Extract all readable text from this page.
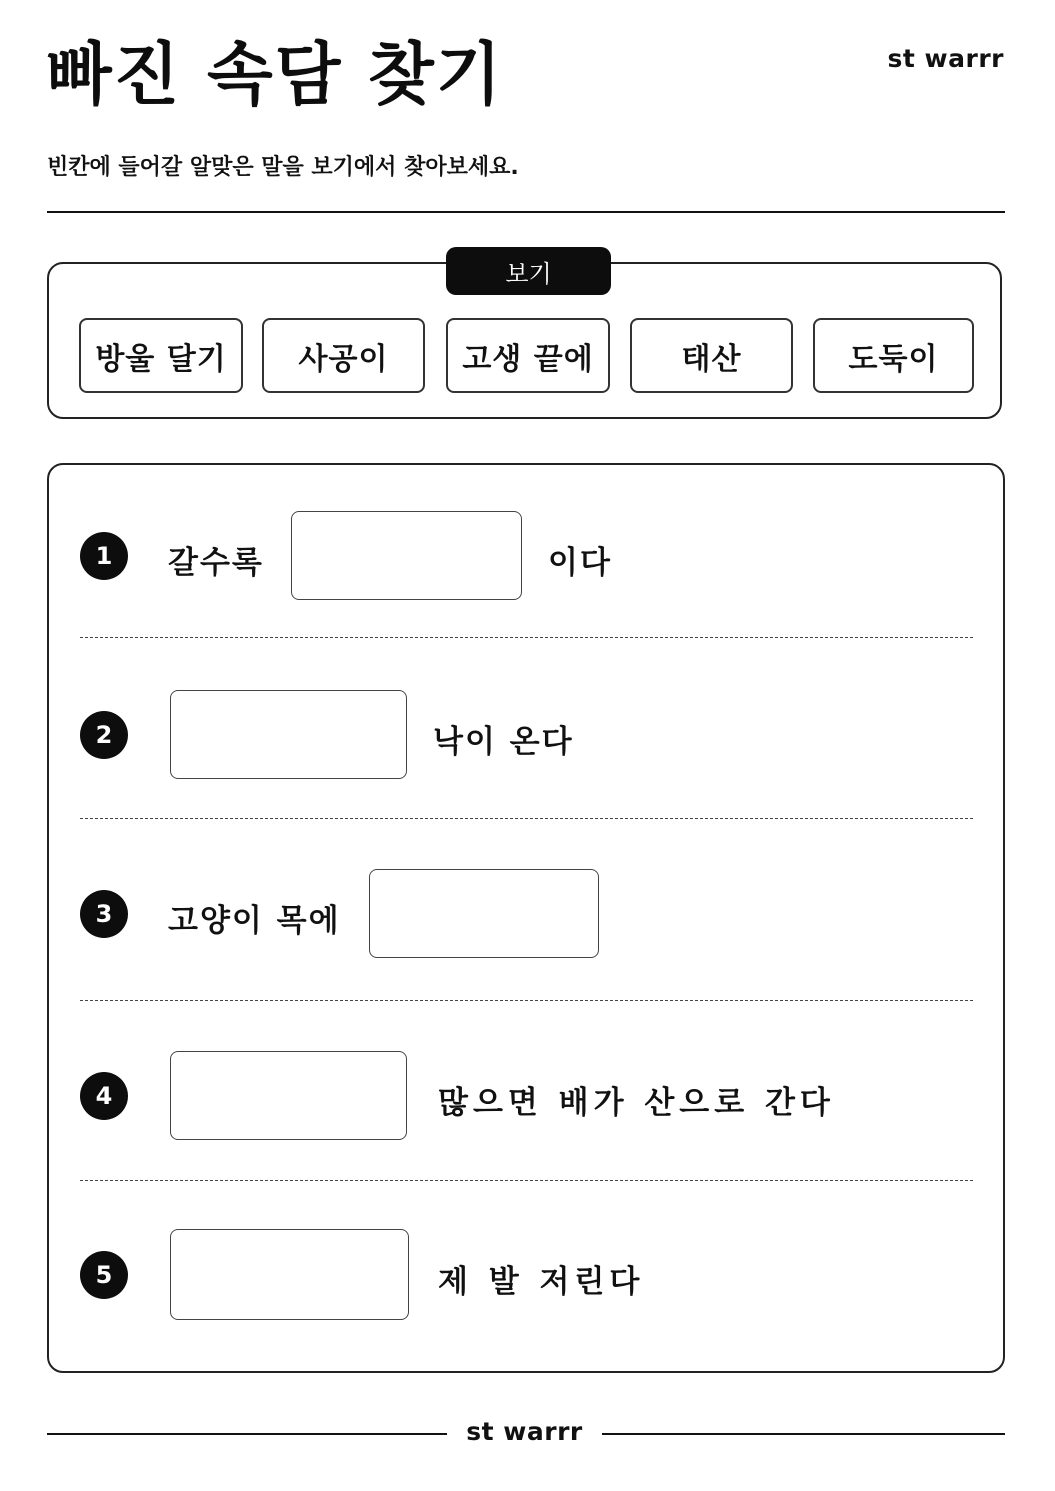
빠진 속담 찾기	st warrr

빈칸에 들어갈 알맞은 말을 보기에서 찾아보세요.

보기
방울 달기	사공이	고생 끝에	태산	도둑이
1	갈수록	이다
2	낙이 온다
3	고양이 목에
4	많으면 배가 산으로 간다
5	제 발 저린다
st warrr
